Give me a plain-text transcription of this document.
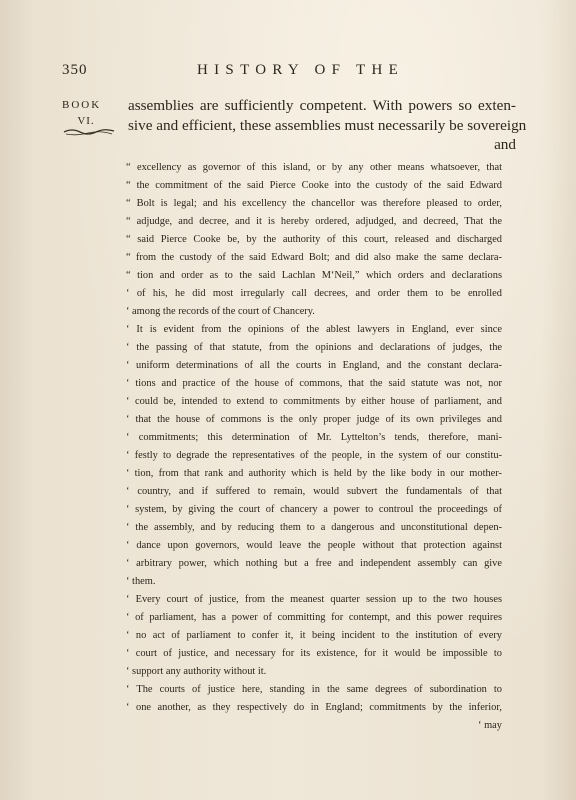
350	HISTORY OF THE
BOOK
VI.
assemblies are sufficiently competent. With powers so exten-
sive and efficient, these assemblies must necessarily be sovereign
and
“ excellency as governor of this island, or by any other means whatsoever, that
“ the commitment of the said Pierce Cooke into the custody of the said Edward
“ Bolt is legal; and his excellency the chancellor was therefore pleased to order,
“ adjudge, and decree, and it is hereby ordered, adjudged, and decreed, That the
“ said Pierce Cooke be, by the authority of this court, released and discharged
“ from the custody of the said Edward Bolt; and did also make the same declara-
“ tion and order as to the said Lachlan M‘Neil,” which orders and declarations
‘ of his, he did most irregularly call decrees, and order them to be enrolled
‘ among the records of the court of Chancery.
‘ It is evident from the opinions of the ablest lawyers in England, ever since
‘ the passing of that statute, from the opinions and declarations of judges, the
‘ uniform determinations of all the courts in England, and the constant declara-
‘ tions and practice of the house of commons, that the said statute was not, nor
‘ could be, intended to extend to commitments by either house of parliament, and
‘ that the house of commons is the only proper judge of its own privileges and
‘ commitments; this determination of Mr. Lyttelton’s tends, therefore, mani-
‘ festly to degrade the representatives of the people, in the system of our constitu-
‘ tion, from that rank and authority which is held by the like body in our mother-
‘ country, and if suffered to remain, would subvert the fundamentals of that
‘ system, by giving the court of chancery a power to controul the proceedings of
‘ the assembly, and by reducing them to a dangerous and unconstitutional depen-
‘ dance upon governors, would leave the people without that protection against
‘ arbitrary power, which nothing but a free and independent assembly can give
‘ them.
‘ Every court of justice, from the meanest quarter session up to the two houses
‘ of parliament, has a power of committing for contempt, and this power requires
‘ no act of parliament to confer it, it being incident to the institution of every
‘ court of justice, and necessary for its existence, for it would be impossible to
‘ support any authority without it.
‘ The courts of justice here, standing in the same degrees of subordination to
‘ one another, as they respectively do in England; commitments by the inferior,
‘ may
